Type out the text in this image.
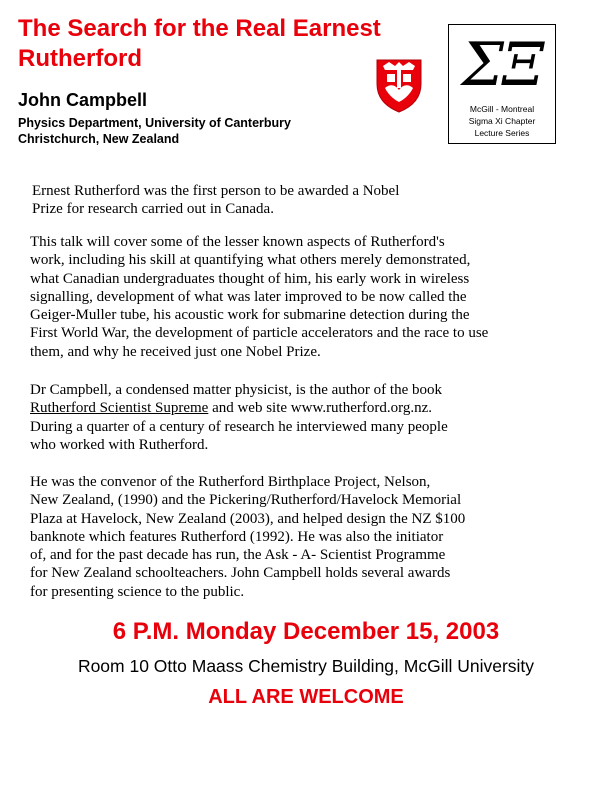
The Search for the Real Earnest
Rutherford
John Campbell
Physics Department, University of Canterbury
Christchurch, New Zealand
ΣΞ
McGill - Montreal
Sigma Xi Chapter
Lecture Series
Ernest Rutherford was the first person to be awarded a Nobel
Prize for research carried out in Canada.
This talk will cover some of the lesser known aspects of Rutherford's
work, including his skill at quantifying what others merely demonstrated,
what Canadian undergraduates thought of him, his early work in wireless
signalling, development of what was later improved to be now called the
Geiger-Muller tube, his acoustic work for submarine detection during the
First World War, the development of particle accelerators and the race to use
them, and why he received just one Nobel Prize.
Dr Campbell, a condensed matter physicist, is the author of the book
Rutherford Scientist Supreme and web site www.rutherford.org.nz.
During a quarter of a century of research he interviewed many people
who worked with Rutherford.
He was the convenor of the Rutherford Birthplace Project, Nelson,
New Zealand, (1990) and the Pickering/Rutherford/Havelock Memorial
Plaza at Havelock, New Zealand (2003), and helped design the NZ $100
banknote which features Rutherford (1992). He was also the initiator
of, and for the past decade has run, the Ask - A- Scientist Programme
for New Zealand schoolteachers. John Campbell holds several awards
for presenting science to the public.
6 P.M. Monday December 15, 2003
Room 10 Otto Maass Chemistry Building, McGill University
ALL ARE WELCOME
